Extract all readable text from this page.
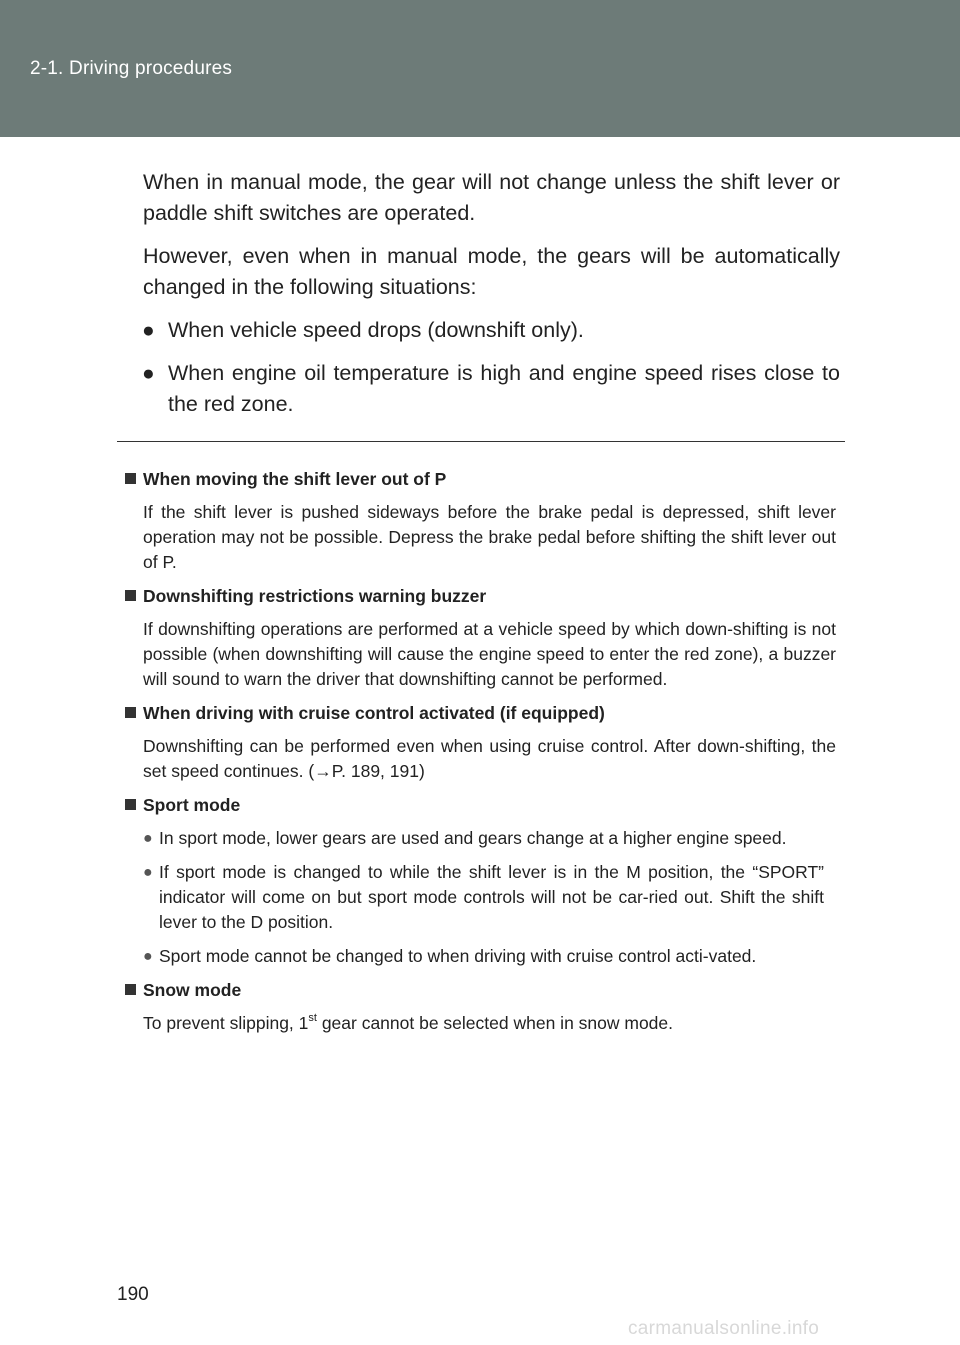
2-1. Driving procedures

When in manual mode, the gear will not change unless the shift lever or paddle shift switches are operated.

However, even when in manual mode, the gears will be automatically changed in the following situations:

● When vehicle speed drops (downshift only).

● When engine oil temperature is high and engine speed rises close to the red zone.

When moving the shift lever out of P
If the shift lever is pushed sideways before the brake pedal is depressed, shift lever operation may not be possible. Depress the brake pedal before shifting the shift lever out of P.
Downshifting restrictions warning buzzer
If downshifting operations are performed at a vehicle speed by which down-shifting is not possible (when downshifting will cause the engine speed to enter the red zone), a buzzer will sound to warn the driver that downshifting cannot be performed.
When driving with cruise control activated (if equipped)
Downshifting can be performed even when using cruise control. After down-shifting, the set speed continues. (→P. 189, 191)
Sport mode
● In sport mode, lower gears are used and gears change at a higher engine speed.
● If sport mode is changed to while the shift lever is in the M position, the “SPORT” indicator will come on but sport mode controls will not be car-ried out. Shift the shift lever to the D position.
● Sport mode cannot be changed to when driving with cruise control acti-vated.
Snow mode
To prevent slipping, 1st gear cannot be selected when in snow mode.
190
carmanualsonline.info
